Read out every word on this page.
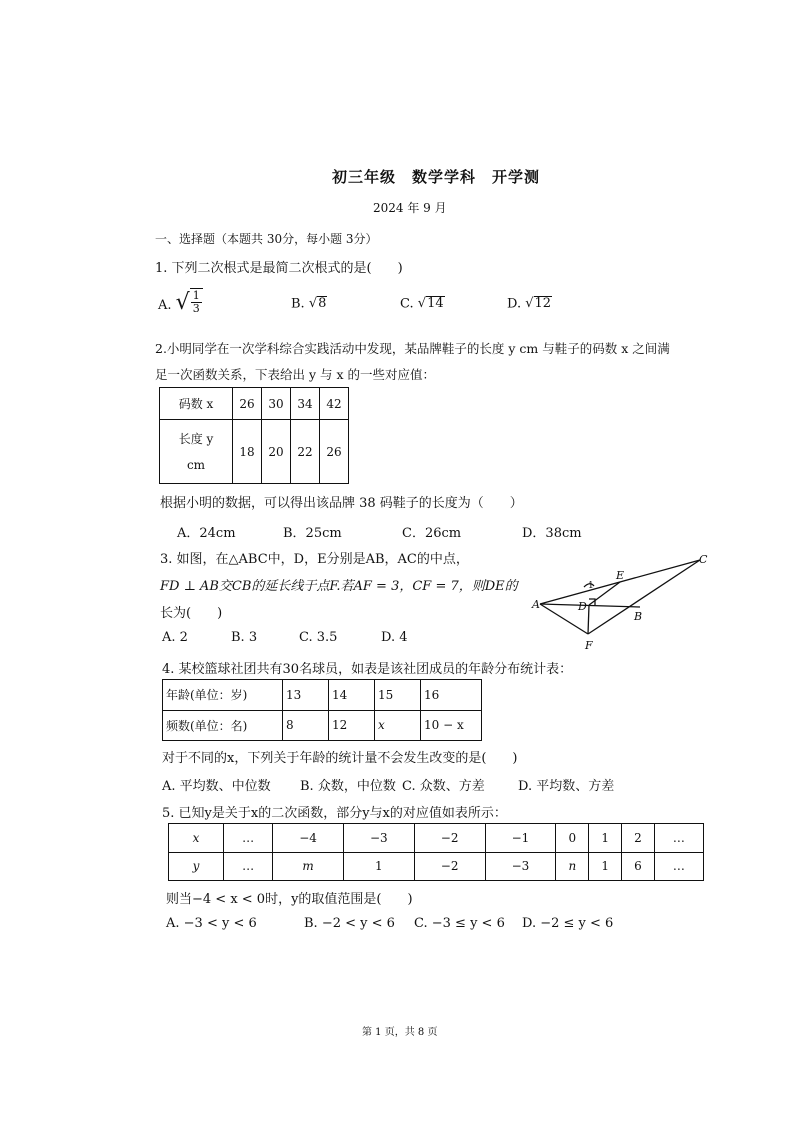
初三年级　数学学科　开学测
2024 年 9 月
一、选择题（本题共 30分，每小题 3分）
1. 下列二次根式是最简二次根式的是(　　)
A. √ $\frac{1}{3}$	B. √ 8	C. √ 14	D. √ 12
2.小明同学在一次学科综合实践活动中发现，某品牌鞋子的长度 y cm 与鞋子的码数 x 之间满
足一次函数关系，下表给出 y 与 x 的一些对应值：
码数 x	26	30	34	42

长度 y
cm	18	20	22	26
根据小明的数据，可以得出该品牌 38 码鞋子的长度为（　　）
A．24cm	B．25cm	C．26cm	D．38cm
3. 如图，在△ABC中，D，E分别是AB，AC的中点，
FD ⊥ AB交CB的延长线于点F.若AF = 3，CF = 7，则DE的
长为(　　)
A. 2	B. 3	C. 3.5	D. 4
A
B
C
D
E
F
1
4. 某校篮球社团共有30名球员，如表是该社团成员的年龄分布统计表：
年龄(单位：岁)	13	14	15	16
频数(单位：名)	8	12	x	10 − x
对于不同的x，下列关于年龄的统计量不会发生改变的是(　　)
A. 平均数、中位数 B. 众数，中位数 C. 众数、方差	D. 平均数、方差
5. 已知y是关于x的二次函数，部分y与x的对应值如表所示：
x	…	−4	−3	−2	−1	0	1	2	…
y	…	m	1	−2	−3	n	1	6	…
则当−4 < x < 0时，y的取值范围是(　　)
A. −3 < y < 6	B. −2 < y < 6 C. −3 ≤ y < 6 D. −2 ≤ y < 6
第 1 页，共 8 页
